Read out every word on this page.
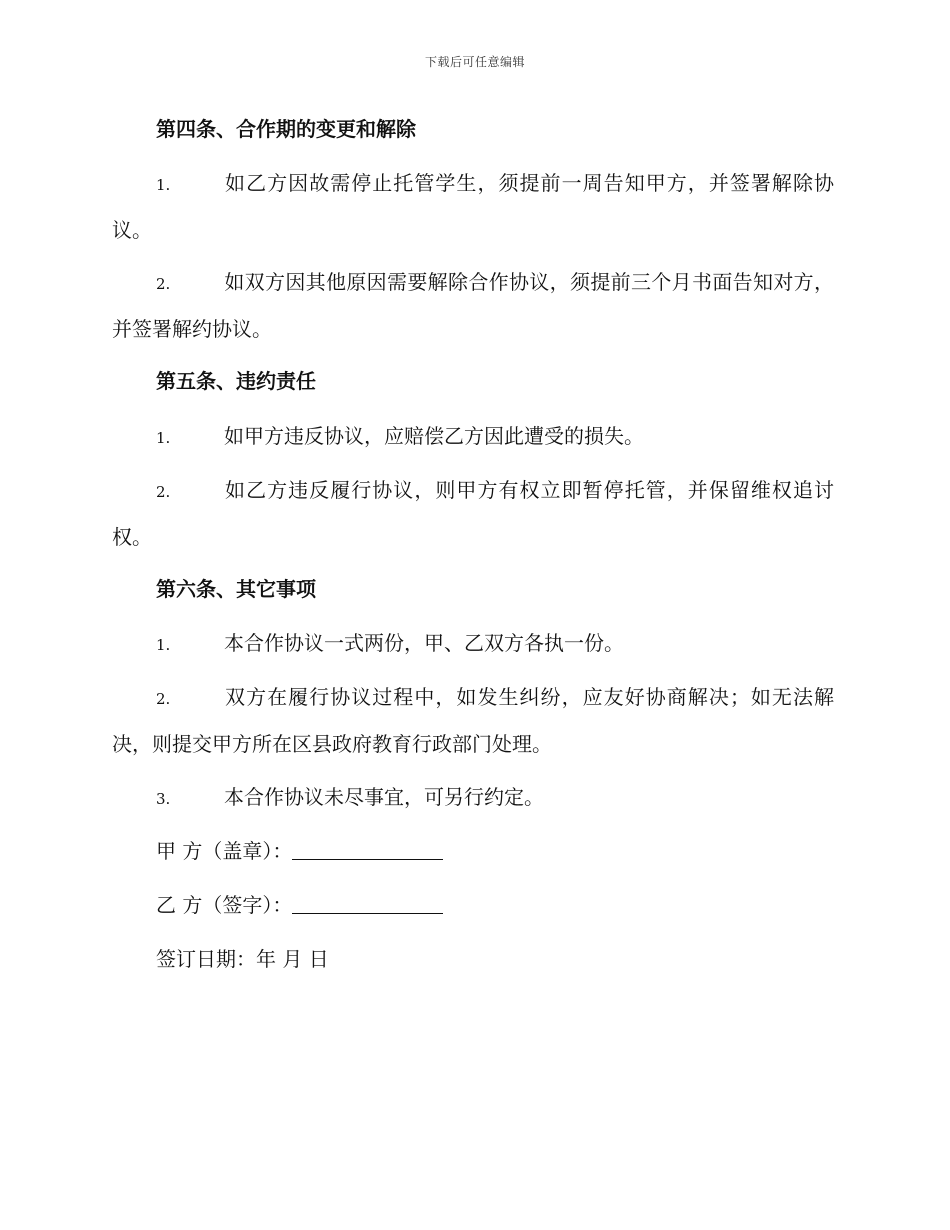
下载后可任意编辑
第四条、合作期的变更和解除
1.	如乙方因故需停止托管学生，须提前一周告知甲方，并签署解除协议。
2.	如双方因其他原因需要解除合作协议，须提前三个月书面告知对方，并签署解约协议。
第五条、违约责任
1.	如甲方违反协议，应赔偿乙方因此遭受的损失。
2.	如乙方违反履行协议，则甲方有权立即暂停托管，并保留维权追讨权。
第六条、其它事项
1.	本合作协议一式两份，甲、乙双方各执一份。
2.	双方在履行协议过程中，如发生纠纷，应友好协商解决；如无法解决，则提交甲方所在区县政府教育行政部门处理。
3.	本合作协议未尽事宜，可另行约定。
甲 方（盖章）：
乙 方（签字）：
签订日期：年 月 日
